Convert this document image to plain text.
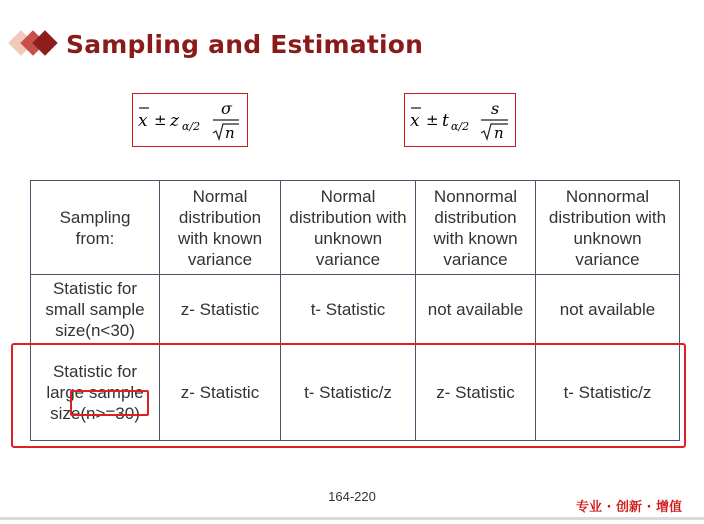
Sampling and Estimation
x ± z α/2
σ
n
x ± t α/2
s
n
Sampling from:	Normal distribution with known variance	Normal distribution with unknown variance	Nonnormal distribution with known variance	Nonnormal distribution with unknown variance
Statistic for small sample size(n<30)	z- Statistic	t- Statistic	not available	not available
Statistic for large sample size(n>=30)	z- Statistic	t- Statistic/z	z- Statistic	t- Statistic/z
164-220
专业 · 创新 · 增值
